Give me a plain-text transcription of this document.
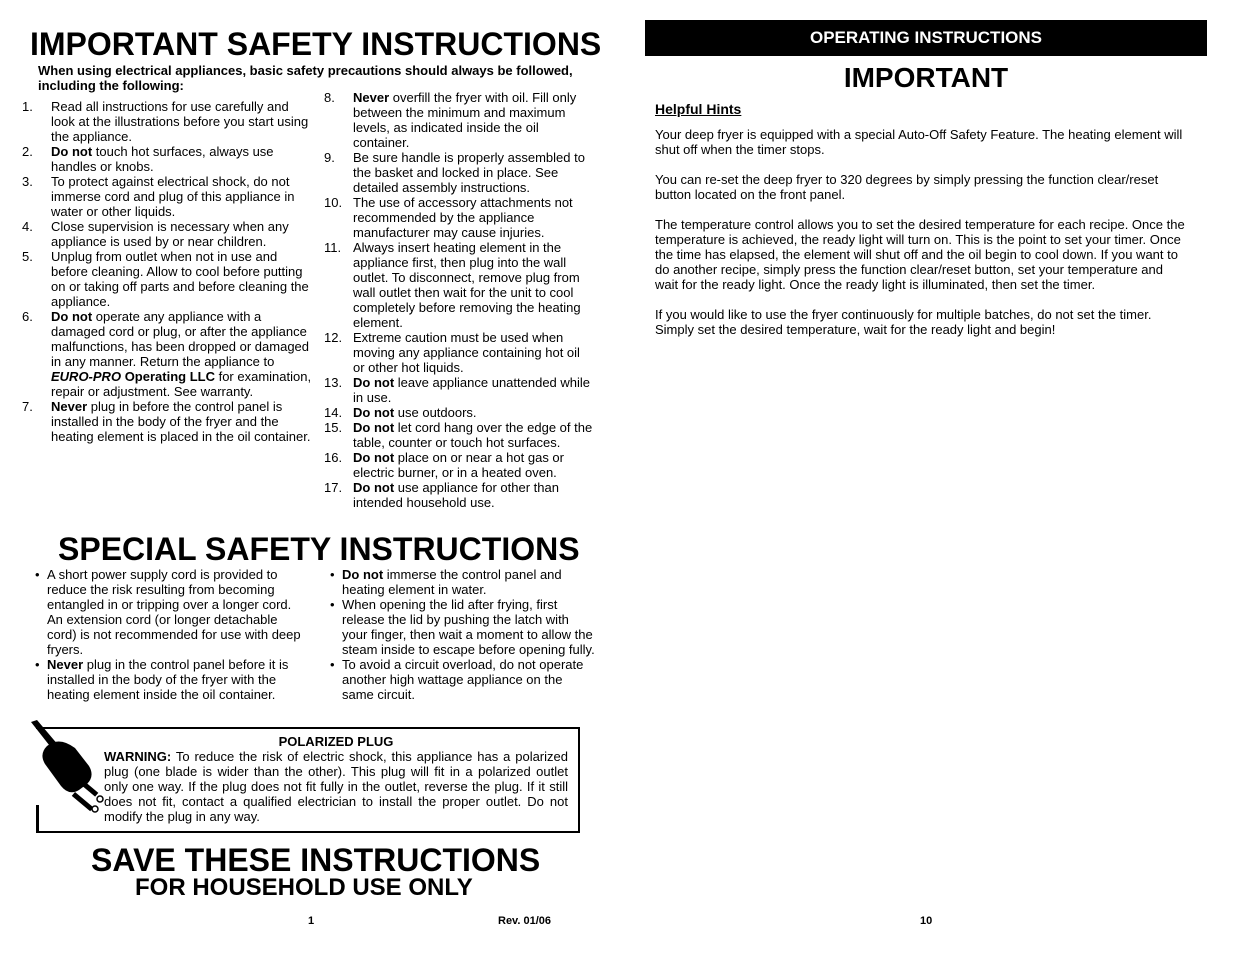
IMPORTANT SAFETY INSTRUCTIONS
When using electrical appliances, basic safety precautions should always be followed, including the following:
1. Read all instructions for use carefully and look at the illustrations before you start using the appliance.
2. Do not touch hot surfaces, always use handles or knobs.
3. To protect against electrical shock, do not immerse cord and plug of this appliance in water or other liquids.
4. Close supervision is necessary when any appliance is used by or near children.
5. Unplug from outlet when not in use and before cleaning. Allow to cool before putting on or taking off parts and before cleaning the appliance.
6. Do not operate any appliance with a damaged cord or plug, or after the appliance malfunctions, has been dropped or damaged in any manner. Return the appliance to EURO-PRO Operating LLC for examination, repair or adjustment. See warranty.
7. Never plug in before the control panel is installed in the body of the fryer and the heating element is placed in the oil container.
8. Never overfill the fryer with oil. Fill only between the minimum and maximum levels, as indicated inside the oil container.
9. Be sure handle is properly assembled to the basket and locked in place. See detailed assembly instructions.
10. The use of accessory attachments not recommended by the appliance manufacturer may cause injuries.
11. Always insert heating element in the appliance first, then plug into the wall outlet. To disconnect, remove plug from wall outlet then wait for the unit to cool completely before removing the heating element.
12. Extreme caution must be used when moving any appliance containing hot oil or other hot liquids.
13. Do not leave appliance unattended while in use.
14. Do not use outdoors.
15. Do not let cord hang over the edge of the table, counter or touch hot surfaces.
16. Do not place on or near a hot gas or electric burner, or in a heated oven.
17. Do not use appliance for other than intended household use.
SPECIAL SAFETY INSTRUCTIONS
• A short power supply cord is provided to reduce the risk resulting from becoming entangled in or tripping over a longer cord. An extension cord (or longer detachable cord) is not recommended for use with deep fryers.
• Never plug in the control panel before it is installed in the body of the fryer with the heating element inside the oil container.
• Do not immerse the control panel and heating element in water.
• When opening the lid after frying, first release the lid by pushing the latch with your finger, then wait a moment to allow the steam inside to escape before opening fully.
• To avoid a circuit overload, do not operate another high wattage appliance on the same circuit.
POLARIZED PLUG
WARNING: To reduce the risk of electric shock, this appliance has a polarized plug (one blade is wider than the other). This plug will fit in a polarized outlet only one way. If the plug does not fit fully in the outlet, reverse the plug. If it still does not fit, contact a qualified electrician to install the proper outlet. Do not modify the plug in any way.
SAVE THESE INSTRUCTIONS
FOR HOUSEHOLD USE ONLY
1	Rev. 01/06
OPERATING INSTRUCTIONS
IMPORTANT
Helpful Hints

Your deep fryer is equipped with a special Auto-Off Safety Feature. The heating element will shut off when the timer stops.

You can re-set the deep fryer to 320 degrees by simply pressing the function clear/reset button located on the front panel.

The temperature control allows you to set the desired temperature for each recipe. Once the temperature is achieved, the ready light will turn on. This is the point to set your timer. Once the time has elapsed, the element will shut off and the oil begin to cool down. If you want to do another recipe, simply press the function clear/reset button, set your temperature and wait for the ready light. Once the ready light is illuminated, then set the timer.

If you would like to use the fryer continuously for multiple batches, do not set the timer. Simply set the desired temperature, wait for the ready light and begin!

10
